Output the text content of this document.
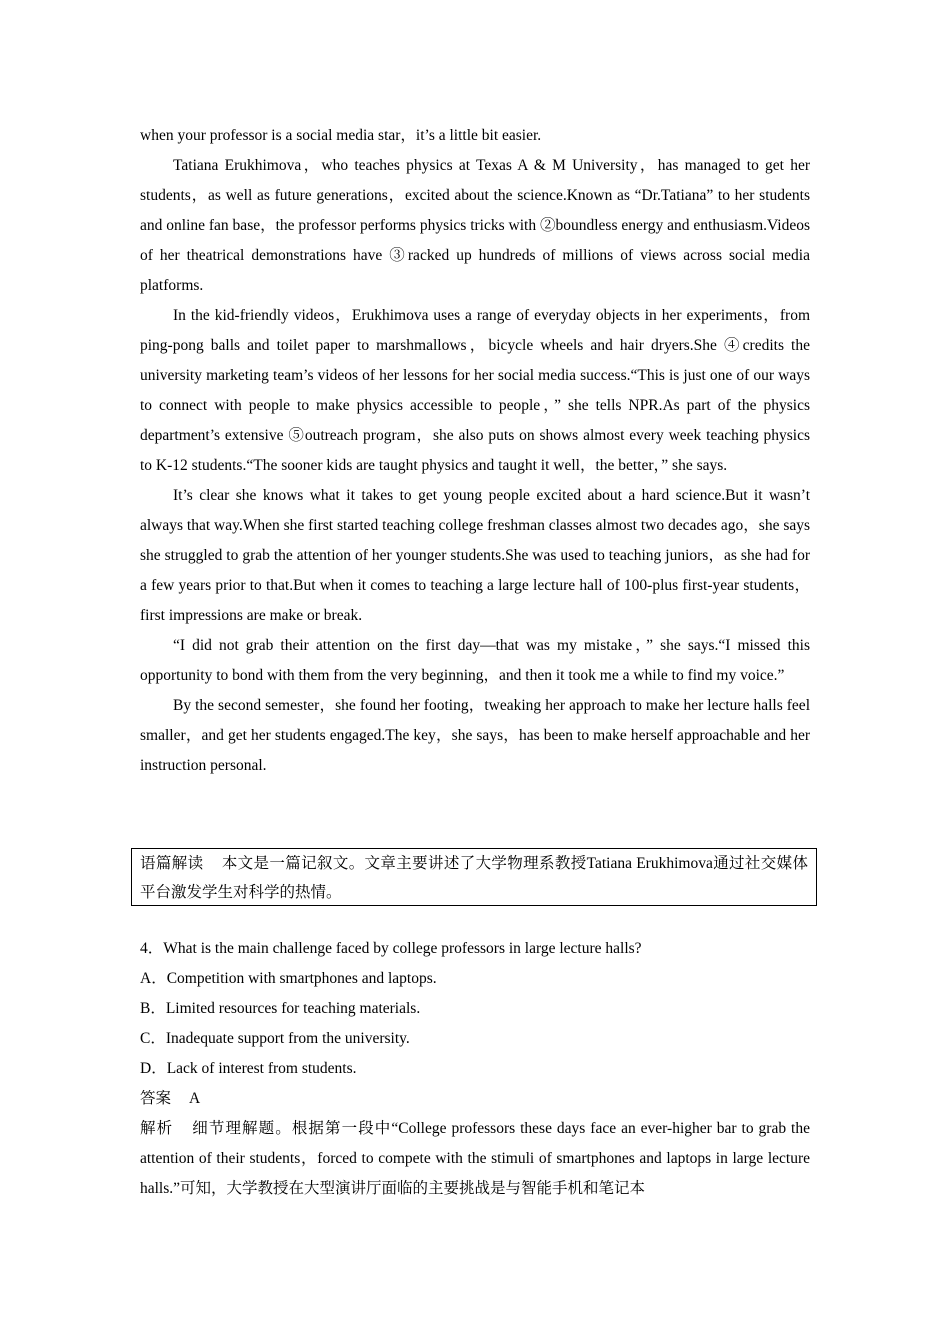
when your professor is a social media star，it’s a little bit easier.

Tatiana Erukhimova，who teaches physics at Texas A & M University，has managed to get her students，as well as future generations，excited about the science.Known as “Dr.Tatiana” to her students and online fan base，the professor performs physics tricks with ②boundless energy and enthusiasm.Videos of her theatrical demonstrations have ③racked up hundreds of millions of views across social media platforms.

In the kid-friendly videos，Erukhimova uses a range of everyday objects in her experiments，from ping-pong balls and toilet paper to marshmallows，bicycle wheels and hair dryers.She ④credits the university marketing team’s videos of her lessons for her social media success.“This is just one of our ways to connect with people to make physics accessible to people，” she tells NPR.As part of the physics department’s extensive ⑤outreach program，she also puts on shows almost every week teaching physics to K-12 students.“The sooner kids are taught physics and taught it well，the better，” she says.

It’s clear she knows what it takes to get young people excited about a hard science.But it wasn’t always that way.When she first started teaching college freshman classes almost two decades ago，she says she struggled to grab the attention of her younger students.She was used to teaching juniors，as she had for a few years prior to that.But when it comes to teaching a large lecture hall of 100-plus first-year students，first impressions are make or break.

“I did not grab their attention on the first day—that was my mistake，” she says.“I missed this opportunity to bond with them from the very beginning，and then it took me a while to find my voice.”

By the second semester，she found her footing，tweaking her approach to make her lecture halls feel smaller，and get her students engaged.The key，she says，has been to make herself approachable and her instruction personal.

语篇解读 本文是一篇记叙文。文章主要讲述了大学物理系教授Tatiana Erukhimova通过社交媒体平台激发学生对科学的热情。

4．What is the main challenge faced by college professors in large lecture halls?

A．Competition with smartphones and laptops.

B．Limited resources for teaching materials.

C．Inadequate support from the university.

D．Lack of interest from students.

答案 A

解析 细节理解题。根据第一段中“College professors these days face an ever-higher bar to grab the attention of their students，forced to compete with the stimuli of smartphones and laptops in large lecture halls.”可知，大学教授在大型演讲厅面临的主要挑战是与智能手机和笔记本
